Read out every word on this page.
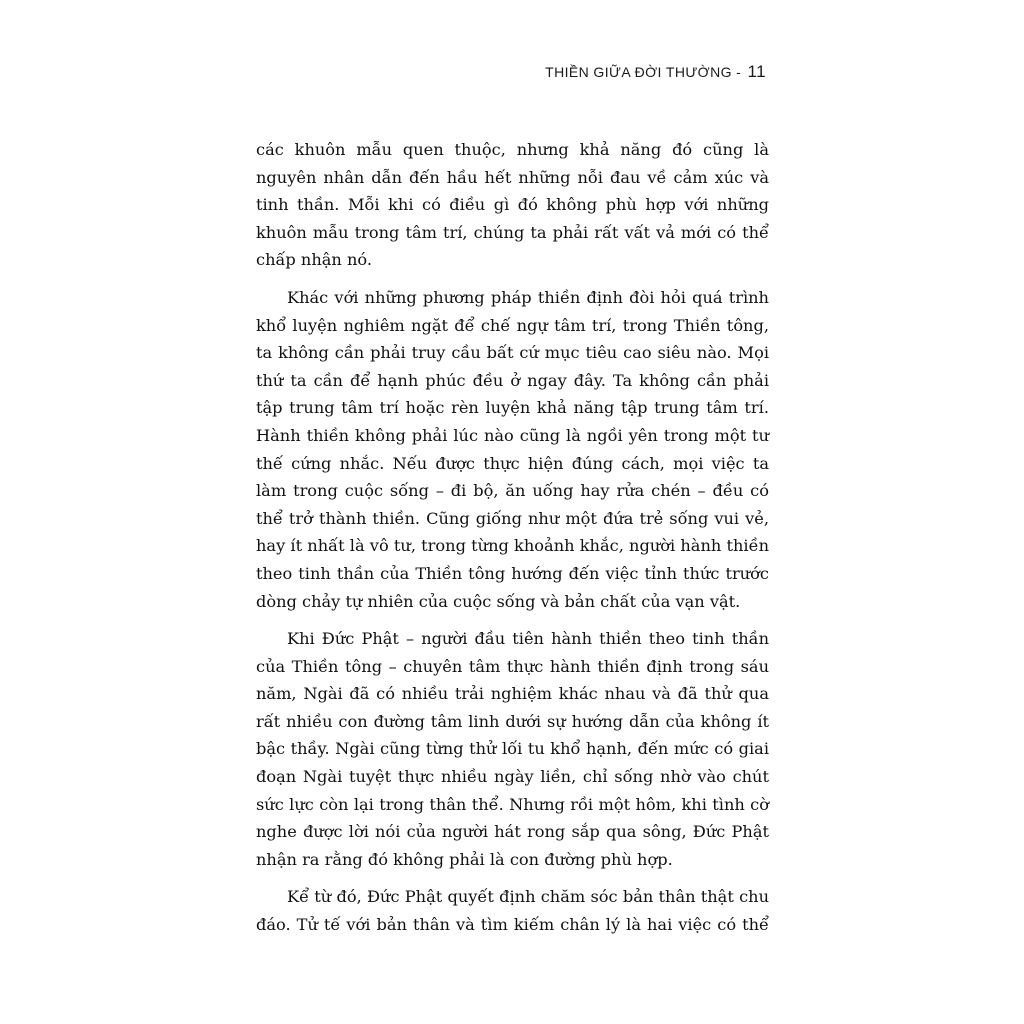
THIỀN GIỮA ĐỜI THƯỜNG - 11

các khuôn mẫu quen thuộc, nhưng khả năng đó cũng là nguyên nhân dẫn đến hầu hết những nỗi đau về cảm xúc và tinh thần. Mỗi khi có điều gì đó không phù hợp với những khuôn mẫu trong tâm trí, chúng ta phải rất vất vả mới có thể chấp nhận nó.

Khác với những phương pháp thiền định đòi hỏi quá trình khổ luyện nghiêm ngặt để chế ngự tâm trí, trong Thiền tông, ta không cần phải truy cầu bất cứ mục tiêu cao siêu nào. Mọi thứ ta cần để hạnh phúc đều ở ngay đây. Ta không cần phải tập trung tâm trí hoặc rèn luyện khả năng tập trung tâm trí. Hành thiền không phải lúc nào cũng là ngồi yên trong một tư thế cứng nhắc. Nếu được thực hiện đúng cách, mọi việc ta làm trong cuộc sống – đi bộ, ăn uống hay rửa chén – đều có thể trở thành thiền. Cũng giống như một đứa trẻ sống vui vẻ, hay ít nhất là vô tư, trong từng khoảnh khắc, người hành thiền theo tinh thần của Thiền tông hướng đến việc tỉnh thức trước dòng chảy tự nhiên của cuộc sống và bản chất của vạn vật.

Khi Đức Phật – người đầu tiên hành thiền theo tinh thần của Thiền tông – chuyên tâm thực hành thiền định trong sáu năm, Ngài đã có nhiều trải nghiệm khác nhau và đã thử qua rất nhiều con đường tâm linh dưới sự hướng dẫn của không ít bậc thầy. Ngài cũng từng thử lối tu khổ hạnh, đến mức có giai đoạn Ngài tuyệt thực nhiều ngày liền, chỉ sống nhờ vào chút sức lực còn lại trong thân thể. Nhưng rồi một hôm, khi tình cờ nghe được lời nói của người hát rong sắp qua sông, Đức Phật nhận ra rằng đó không phải là con đường phù hợp.

Kể từ đó, Đức Phật quyết định chăm sóc bản thân thật chu đáo. Tử tế với bản thân và tìm kiếm chân lý là hai việc có thể
